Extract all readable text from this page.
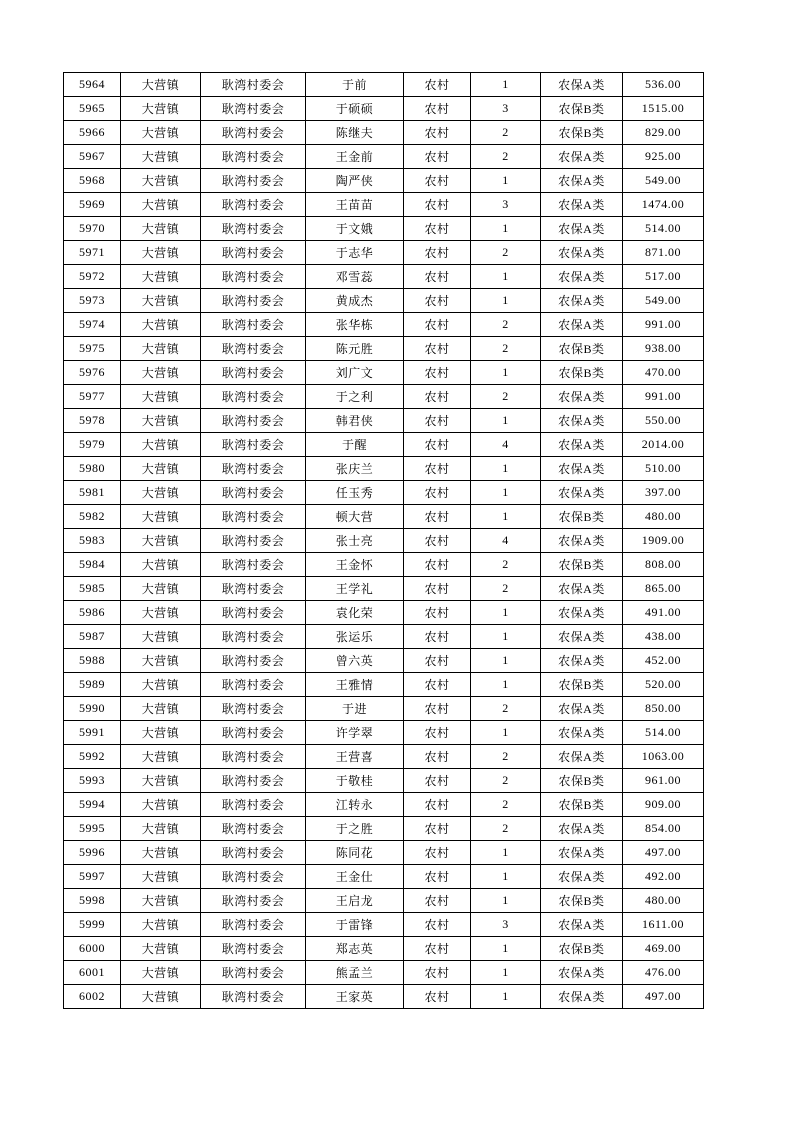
5964	大营镇	耿湾村委会	于前	农村	1	农保A类	536.00
5965	大营镇	耿湾村委会	于硕硕	农村	3	农保B类	1515.00
5966	大营镇	耿湾村委会	陈继夫	农村	2	农保B类	829.00
5967	大营镇	耿湾村委会	王金前	农村	2	农保A类	925.00
5968	大营镇	耿湾村委会	陶严侠	农村	1	农保A类	549.00
5969	大营镇	耿湾村委会	王苗苗	农村	3	农保A类	1474.00
5970	大营镇	耿湾村委会	于文娥	农村	1	农保A类	514.00
5971	大营镇	耿湾村委会	于志华	农村	2	农保A类	871.00
5972	大营镇	耿湾村委会	邓雪蕊	农村	1	农保A类	517.00
5973	大营镇	耿湾村委会	黄成杰	农村	1	农保A类	549.00
5974	大营镇	耿湾村委会	张华栋	农村	2	农保A类	991.00
5975	大营镇	耿湾村委会	陈元胜	农村	2	农保B类	938.00
5976	大营镇	耿湾村委会	刘广文	农村	1	农保B类	470.00
5977	大营镇	耿湾村委会	于之利	农村	2	农保A类	991.00
5978	大营镇	耿湾村委会	韩君侠	农村	1	农保A类	550.00
5979	大营镇	耿湾村委会	于醒	农村	4	农保A类	2014.00
5980	大营镇	耿湾村委会	张庆兰	农村	1	农保A类	510.00
5981	大营镇	耿湾村委会	任玉秀	农村	1	农保A类	397.00
5982	大营镇	耿湾村委会	顿大营	农村	1	农保B类	480.00
5983	大营镇	耿湾村委会	张士亮	农村	4	农保A类	1909.00
5984	大营镇	耿湾村委会	王金怀	农村	2	农保B类	808.00
5985	大营镇	耿湾村委会	王学礼	农村	2	农保A类	865.00
5986	大营镇	耿湾村委会	袁化荣	农村	1	农保A类	491.00
5987	大营镇	耿湾村委会	张运乐	农村	1	农保A类	438.00
5988	大营镇	耿湾村委会	曾六英	农村	1	农保A类	452.00
5989	大营镇	耿湾村委会	王雅情	农村	1	农保B类	520.00
5990	大营镇	耿湾村委会	于进	农村	2	农保A类	850.00
5991	大营镇	耿湾村委会	许学翠	农村	1	农保A类	514.00
5992	大营镇	耿湾村委会	王营喜	农村	2	农保A类	1063.00
5993	大营镇	耿湾村委会	于敬桂	农村	2	农保B类	961.00
5994	大营镇	耿湾村委会	江转永	农村	2	农保B类	909.00
5995	大营镇	耿湾村委会	于之胜	农村	2	农保A类	854.00
5996	大营镇	耿湾村委会	陈同花	农村	1	农保A类	497.00
5997	大营镇	耿湾村委会	王金仕	农村	1	农保A类	492.00
5998	大营镇	耿湾村委会	王启龙	农村	1	农保B类	480.00
5999	大营镇	耿湾村委会	于雷锋	农村	3	农保A类	1611.00
6000	大营镇	耿湾村委会	郑志英	农村	1	农保B类	469.00
6001	大营镇	耿湾村委会	熊孟兰	农村	1	农保A类	476.00
6002	大营镇	耿湾村委会	王家英	农村	1	农保A类	497.00
